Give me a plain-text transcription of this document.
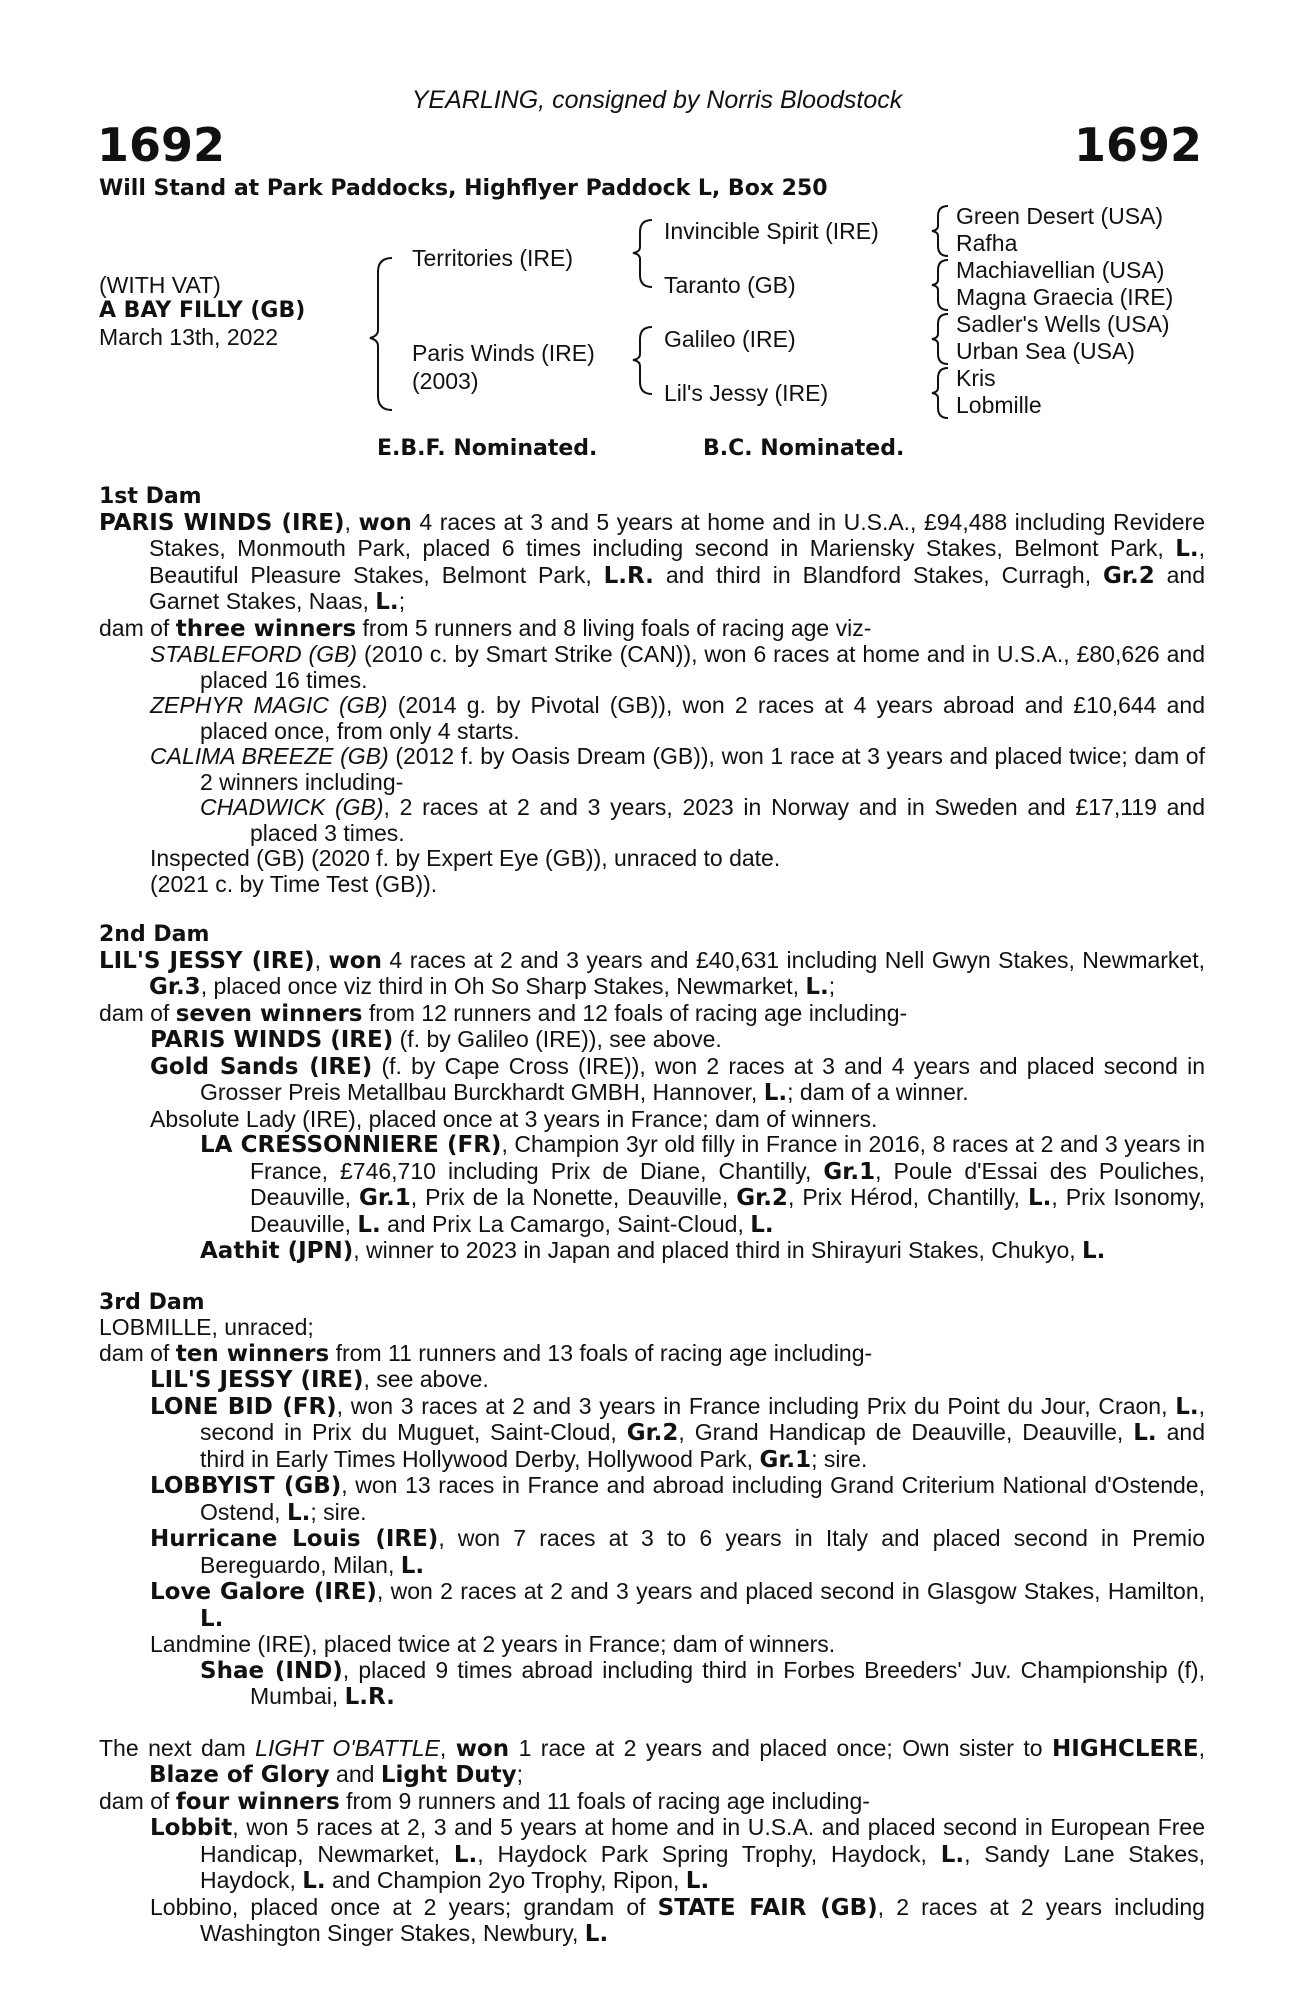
YEARLING, consigned by Norris Bloodstock
1692	1692
Will Stand at Park Paddocks, Highflyer Paddock L, Box 250
(WITH VAT)
A BAY FILLY (GB)
March 13th, 2022
Territories (IRE)
Paris Winds (IRE)
(2003)
Invincible Spirit (IRE)
Taranto (GB)
Galileo (IRE)
Lil's Jessy (IRE)
Green Desert (USA)
Rafha
Machiavellian (USA)
Magna Graecia (IRE)
Sadler's Wells (USA)
Urban Sea (USA)
Kris
Lobmille
E.B.F. Nominated.	B.C. Nominated.
1st Dam
PARIS WINDS (IRE), won 4 races at 3 and 5 years at home and in U.S.A., £94,488 including Revidere Stakes, Monmouth Park, placed 6 times including second in Mariensky Stakes, Belmont Park, L., Beautiful Pleasure Stakes, Belmont Park, L.R. and third in Blandford Stakes, Curragh, Gr.2 and Garnet Stakes, Naas, L.;
dam of three winners from 5 runners and 8 living foals of racing age viz-
STABLEFORD (GB) (2010 c. by Smart Strike (CAN)), won 6 races at home and in U.S.A., £80,626 and placed 16 times.
ZEPHYR MAGIC (GB) (2014 g. by Pivotal (GB)), won 2 races at 4 years abroad and £10,644 and placed once, from only 4 starts.
CALIMA BREEZE (GB) (2012 f. by Oasis Dream (GB)), won 1 race at 3 years and placed twice; dam of 2 winners including-
CHADWICK (GB), 2 races at 2 and 3 years, 2023 in Norway and in Sweden and £17,119 and placed 3 times.
Inspected (GB) (2020 f. by Expert Eye (GB)), unraced to date.
(2021 c. by Time Test (GB)).
2nd Dam
LIL'S JESSY (IRE), won 4 races at 2 and 3 years and £40,631 including Nell Gwyn Stakes, Newmarket, Gr.3, placed once viz third in Oh So Sharp Stakes, Newmarket, L.;
dam of seven winners from 12 runners and 12 foals of racing age including-
PARIS WINDS (IRE) (f. by Galileo (IRE)), see above.
Gold Sands (IRE) (f. by Cape Cross (IRE)), won 2 races at 3 and 4 years and placed second in Grosser Preis Metallbau Burckhardt GMBH, Hannover, L.; dam of a winner.
Absolute Lady (IRE), placed once at 3 years in France; dam of winners.
LA CRESSONNIERE (FR), Champion 3yr old filly in France in 2016, 8 races at 2 and 3 years in France, £746,710 including Prix de Diane, Chantilly, Gr.1, Poule d'Essai des Pouliches, Deauville, Gr.1, Prix de la Nonette, Deauville, Gr.2, Prix Hérod, Chantilly, L., Prix Isonomy, Deauville, L. and Prix La Camargo, Saint-Cloud, L.
Aathit (JPN), winner to 2023 in Japan and placed third in Shirayuri Stakes, Chukyo, L.
3rd Dam
LOBMILLE, unraced;
dam of ten winners from 11 runners and 13 foals of racing age including-
LIL'S JESSY (IRE), see above.
LONE BID (FR), won 3 races at 2 and 3 years in France including Prix du Point du Jour, Craon, L., second in Prix du Muguet, Saint-Cloud, Gr.2, Grand Handicap de Deauville, Deauville, L. and third in Early Times Hollywood Derby, Hollywood Park, Gr.1; sire.
LOBBYIST (GB), won 13 races in France and abroad including Grand Criterium National d'Ostende, Ostend, L.; sire.
Hurricane Louis (IRE), won 7 races at 3 to 6 years in Italy and placed second in Premio Bereguardo, Milan, L.
Love Galore (IRE), won 2 races at 2 and 3 years and placed second in Glasgow Stakes, Hamilton, L.
Landmine (IRE), placed twice at 2 years in France; dam of winners.
Shae (IND), placed 9 times abroad including third in Forbes Breeders' Juv. Championship (f), Mumbai, L.R.
The next dam LIGHT O'BATTLE, won 1 race at 2 years and placed once; Own sister to HIGHCLERE, Blaze of Glory and Light Duty;
dam of four winners from 9 runners and 11 foals of racing age including-
Lobbit, won 5 races at 2, 3 and 5 years at home and in U.S.A. and placed second in European Free Handicap, Newmarket, L., Haydock Park Spring Trophy, Haydock, L., Sandy Lane Stakes, Haydock, L. and Champion 2yo Trophy, Ripon, L.
Lobbino, placed once at 2 years; grandam of STATE FAIR (GB), 2 races at 2 years including Washington Singer Stakes, Newbury, L.
